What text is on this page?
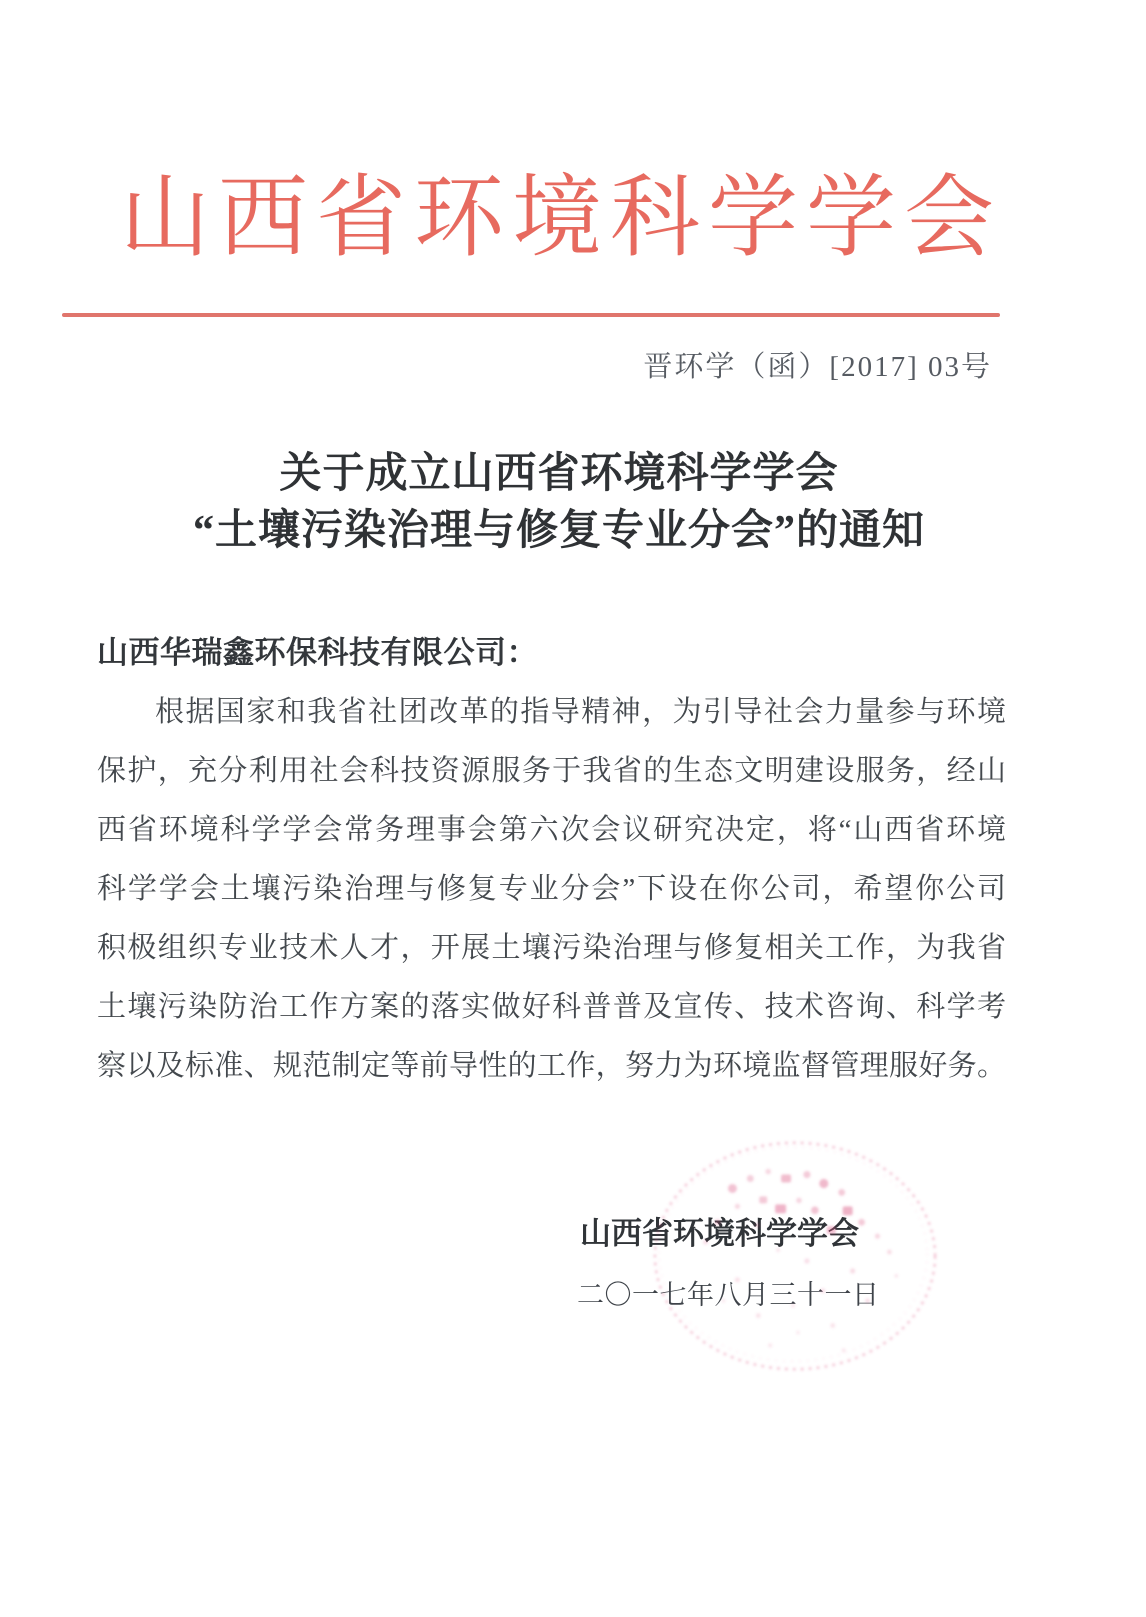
山西省环境科学学会
晋环学（函）[2017] 03号
关于成立山西省环境科学学会
“土壤污染治理与修复专业分会”的通知
山西华瑞鑫环保科技有限公司：
根据国家和我省社团改革的指导精神，为引导社会力量参与环境
保护，充分利用社会科技资源服务于我省的生态文明建设服务，经山
西省环境科学学会常务理事会第六次会议研究决定，将“山西省环境
科学学会土壤污染治理与修复专业分会”下设在你公司，希望你公司
积极组织专业技术人才，开展土壤污染治理与修复相关工作，为我省
土壤污染防治工作方案的落实做好科普普及宣传、技术咨询、科学考
察以及标准、规范制定等前导性的工作，努力为环境监督管理服好务。
山西省环境科学学会
二〇一七年八月三十一日
